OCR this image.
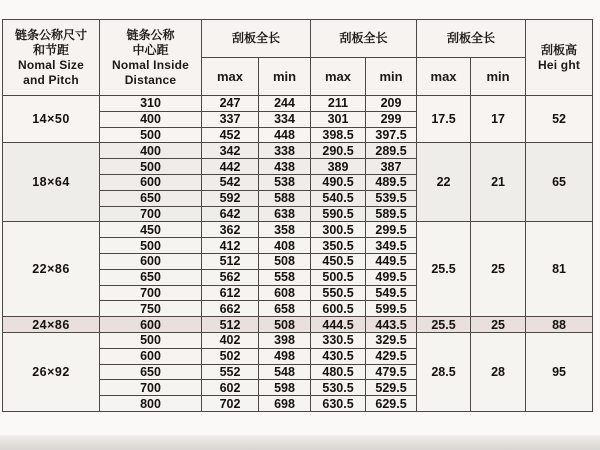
链条公称尺寸
和节距
Nomal Size
and Pitch	链条公称
中心距
Nomal Inside
Distance	刮板全长		刮板全长		刮板全长		刮板高
Hei ght

		max	min	max	min	max	min	
14×50	310	247	244	211	209	17.5	17	52
	400	337	334	301	299			
	500	452	448	398.5	397.5			
18×64	400	342	338	290.5	289.5	22	21	65
	500	442	438	389	387			
	600	542	538	490.5	489.5			
	650	592	588	540.5	539.5			
	700	642	638	590.5	589.5			
22×86	450	362	358	300.5	299.5	25.5	25	81
	500	412	408	350.5	349.5			
	600	512	508	450.5	449.5			
	650	562	558	500.5	499.5			
	700	612	608	550.5	549.5			
	750	662	658	600.5	599.5			
24×86	600	512	508	444.5	443.5	25.5	25	88
26×92	500	402	398	330.5	329.5	28.5	28	95
	600	502	498	430.5	429.5			
	650	552	548	480.5	479.5			
	700	602	598	530.5	529.5			
	800	702	698	630.5	629.5			
